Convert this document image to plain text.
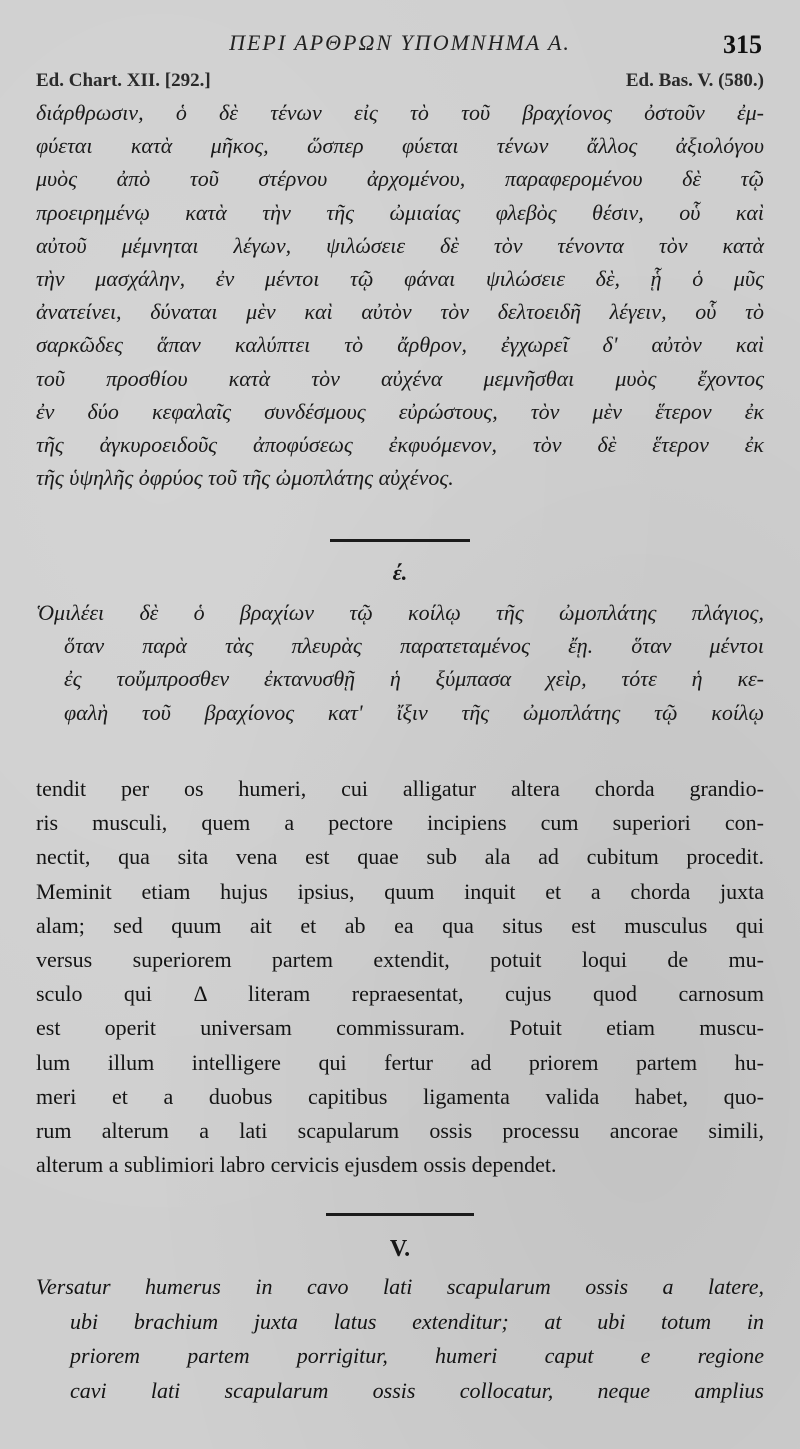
ΠΕΡΙ ΑΡΘΡΩΝ ΥΠΟΜΝΗΜΑ Α.	315
Ed. Chart. XII. [292.]	Ed. Bas. V. (580.)
διάρθρωσιν, ὁ δὲ τένων εἰς τὸ τοῦ βραχίονος ὀστοῦν ἐμ-
φύεται κατὰ μῆκος, ὥσπερ φύεται τένων ἄλλος ἀξιολόγου
μυὸς ἀπὸ τοῦ στέρνου ἀρχομένου, παραφερομένου δὲ τῷ
προειρημένῳ κατὰ τὴν τῆς ὠμιαίας φλεβὸς θέσιν, οὗ καὶ
αὐτοῦ μέμνηται λέγων, ψιλώσειε δὲ τὸν τένοντα τὸν κατὰ
τὴν μασχάλην, ἐν μέντοι τῷ φάναι ψιλώσειε δὲ, ᾗ ὁ μῦς
ἀνατείνει, δύναται μὲν καὶ αὐτὸν τὸν δελτοειδῆ λέγειν, οὗ τὸ
σαρκῶδες ἅπαν καλύπτει τὸ ἄρθρον, ἐγχωρεῖ δ' αὐτὸν καὶ
τοῦ προσθίου κατὰ τὸν αὐχένα μεμνῆσθαι μυὸς ἔχοντος
ἐν δύο κεφαλαῖς συνδέσμους εὐρώστους, τὸν μὲν ἕτερον ἐκ
τῆς ἀγκυροειδοῦς ἀποφύσεως ἐκφυόμενον, τὸν δὲ ἕτερον ἐκ
τῆς ὑψηλῆς ὀφρύος τοῦ τῆς ὠμοπλάτης αὐχένος.
έ.
Ὁμιλέει δὲ ὁ βραχίων τῷ κοίλῳ τῆς ὠμοπλάτης πλάγιος,
ὅταν παρὰ τὰς πλευρὰς παρατεταμένος ἔῃ. ὅταν μέντοι
ἐς τοὔμπροσθεν ἐκτανυσθῇ ἡ ξύμπασα χεὶρ, τότε ἡ κε-
φαλὴ τοῦ βραχίονος κατ' ἴξιν τῆς ὠμοπλάτης τῷ κοίλῳ
tendit per os humeri, cui alligatur altera chorda grandio-
ris musculi, quem a pectore incipiens cum superiori con-
nectit, qua sita vena est quae sub ala ad cubitum procedit.
Meminit etiam hujus ipsius, quum inquit et a chorda juxta
alam; sed quum ait et ab ea qua situs est musculus qui
versus superiorem partem extendit, potuit loqui de mu-
sculo qui Δ literam repraesentat, cujus quod carnosum
est operit universam commissuram. Potuit etiam muscu-
lum illum intelligere qui fertur ad priorem partem hu-
meri et a duobus capitibus ligamenta valida habet, quo-
rum alterum a lati scapularum ossis processu ancorae simili,
alterum a sublimiori labro cervicis ejusdem ossis dependet.
V.
Versatur humerus in cavo lati scapularum ossis a latere,
ubi brachium juxta latus extenditur; at ubi totum in
priorem partem porrigitur, humeri caput e regione
cavi lati scapularum ossis collocatur, neque amplius
